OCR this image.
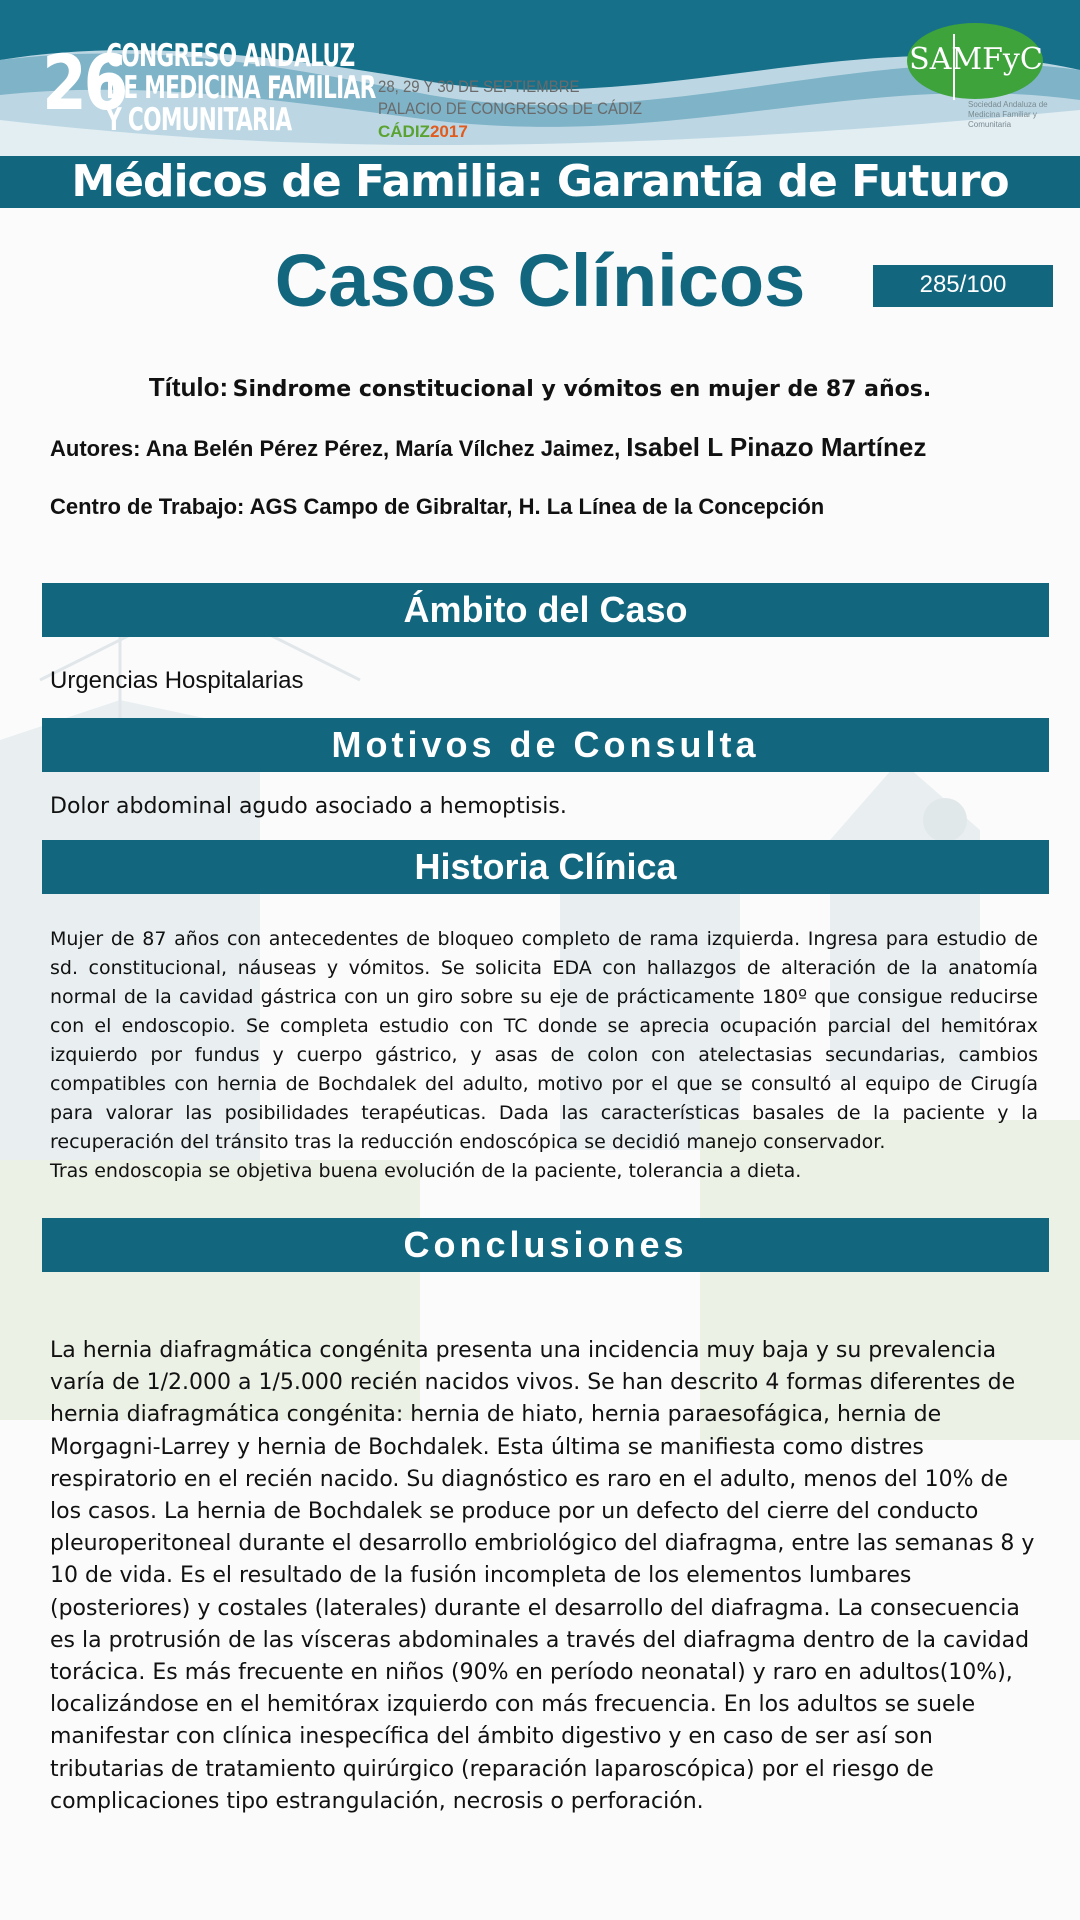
26
CONGRESO ANDALUZ
DE MEDICINA FAMILIAR
Y COMUNITARIA
28, 29 Y 30 DE SEPTIEMBRE
PALACIO DE CONGRESOS DE CÁDIZ
CÁDIZ2017
SAMFyC
Sociedad Andaluza de Medicina Familiar y Comunitaria
Médicos de Familia: Garantía de Futuro
Casos Clínicos	285/100
Título: Sindrome constitucional y vómitos en mujer de 87 años.
Autores: Ana Belén Pérez Pérez, María Vílchez Jaimez, Isabel L Pinazo Martínez
Centro de Trabajo: AGS Campo de Gibraltar, H. La Línea de la Concepción
Ámbito del Caso
Urgencias Hospitalarias
Motivos de Consulta
Dolor abdominal agudo asociado a hemoptisis.
Historia Clínica
Mujer de 87 años con antecedentes de bloqueo completo de rama izquierda. Ingresa para estudio de sd. constitucional, náuseas y vómitos. Se solicita EDA con hallazgos de alteración de la anatomía normal de la cavidad gástrica con un giro sobre su eje de prácticamente 180º que consigue reducirse con el endoscopio. Se completa estudio con TC donde se aprecia ocupación parcial del hemitórax izquierdo por fundus y cuerpo gástrico, y asas de colon con atelectasias secundarias, cambios compatibles con hernia de Bochdalek del adulto, motivo por el que se consultó al equipo de Cirugía para valorar las posibilidades terapéuticas. Dada las características basales de la paciente y la recuperación del tránsito tras la reducción endoscópica se decidió manejo conservador.
Tras endoscopia se objetiva buena evolución de la paciente, tolerancia a dieta.
Conclusiones
La hernia diafragmática congénita presenta una incidencia muy baja y su prevalencia varía de 1/2.000 a 1/5.000 recién nacidos vivos. Se han descrito 4 formas diferentes de hernia diafragmática congénita: hernia de hiato, hernia paraesofágica, hernia de Morgagni-Larrey y hernia de Bochdalek. Esta última se manifiesta como distres respiratorio en el recién nacido. Su diagnóstico es raro en el adulto, menos del 10% de los casos. La hernia de Bochdalek se produce por un defecto del cierre del conducto pleuroperitoneal durante el desarrollo embriológico del diafragma, entre las semanas 8 y 10 de vida. Es el resultado de la fusión incompleta de los elementos lumbares (posteriores) y costales (laterales) durante el desarrollo del diafragma. La consecuencia es la protrusión de las vísceras abdominales a través del diafragma dentro de la cavidad torácica. Es más frecuente en niños (90% en período neonatal) y raro en adultos(10%), localizándose en el hemitórax izquierdo con más frecuencia. En los adultos se suele manifestar con clínica inespecífica del ámbito digestivo y en caso de ser así son tributarias de tratamiento quirúrgico (reparación laparoscópica) por el riesgo de complicaciones tipo estrangulación, necrosis o perforación.
